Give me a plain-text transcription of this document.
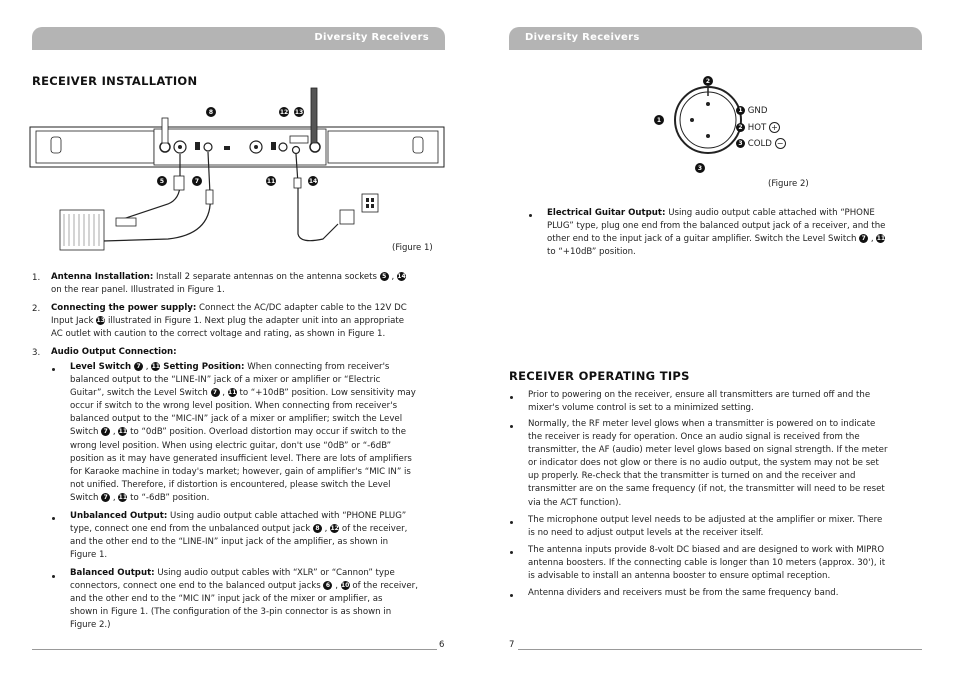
Diversity Receivers
RECEIVER INSTALLATION
8	12 13
5	7	11	14
(Figure 1)
1. Antenna Installation: Install 2 separate antennas on the antenna sockets 5 , 14
on the rear panel. Illustrated in Figure 1.
2. Connecting the power supply: Connect the AC/DC adapter cable to the 12V DC
Input Jack 13 illustrated in Figure 1. Next plug the adapter unit into an appropriate
AC outlet with caution to the correct voltage and rating, as shown in Figure 1.
3. Audio Output Connection:
Level Switch 7 , 11 Setting Position: When connecting from receiver's
balanced output to the “LINE-IN” jack of a mixer or amplifier or “Electric
Guitar”, switch the Level Switch 7 , 11 to “+10dB” position. Low sensitivity may
occur if switch to the wrong level position. When connecting from receiver's
balanced output to the “MIC-IN” jack of a mixer or amplifier; switch the Level
Switch 7 , 11 to “0dB” position. Overload distortion may occur if switch to the
wrong level position. When using electric guitar, don't use “0dB” or “-6dB”
position as it may have generated insufficient level. There are lots of amplifiers
for Karaoke machine in today's market; however, gain of amplifier's “MIC IN” is
not unified. Therefore, if distortion is encountered, please switch the Level
Switch 7 , 11 to “-6dB” position.
Unbalanced Output: Using audio output cable attached with “PHONE PLUG”
type, connect one end from the unbalanced output jack 8 , 12 of the receiver,
and the other end to the “LINE-IN” input jack of the amplifier, as shown in
Figure 1.
Balanced Output: Using audio output cables with “XLR” or “Cannon” type
connectors, connect one end to the balanced output jacks 6 , 10 of the receiver,
and the other end to the “MIC IN” input jack of the mixer or amplifier, as
shown in Figure 1. (The configuration of the 3-pin connector is as shown in
Figure 2.)
6
Diversity Receivers
1
2
3
1 GND
2 HOT +
3 COLD −
(Figure 2)
Electrical Guitar Output: Using audio output cable attached with “PHONE
PLUG” type, plug one end from the balanced output jack of a receiver, and the
other end to the input jack of a guitar amplifier. Switch the Level Switch 7 , 11
to “+10dB” position.
RECEIVER OPERATING TIPS
Prior to powering on the receiver, ensure all transmitters are turned off and the
mixer's volume control is set to a minimized setting.
Normally, the RF meter level glows when a transmitter is powered on to indicate
the receiver is ready for operation. Once an audio signal is received from the
transmitter, the AF (audio) meter level glows based on signal strength. If the meter
or indicator does not glow or there is no audio output, the system may not be set
up properly. Re-check that the transmitter is turned on and the receiver and
transmitter are on the same frequency (if not, the transmitter will need to be reset
via the ACT function).
The microphone output level needs to be adjusted at the amplifier or mixer. There
is no need to adjust output levels at the receiver itself.
The antenna inputs provide 8-volt DC biased and are designed to work with MIPRO
antenna boosters. If the connecting cable is longer than 10 meters (approx. 30'), it
is advisable to install an antenna booster to ensure optimal reception.
Antenna dividers and receivers must be from the same frequency band.
7
